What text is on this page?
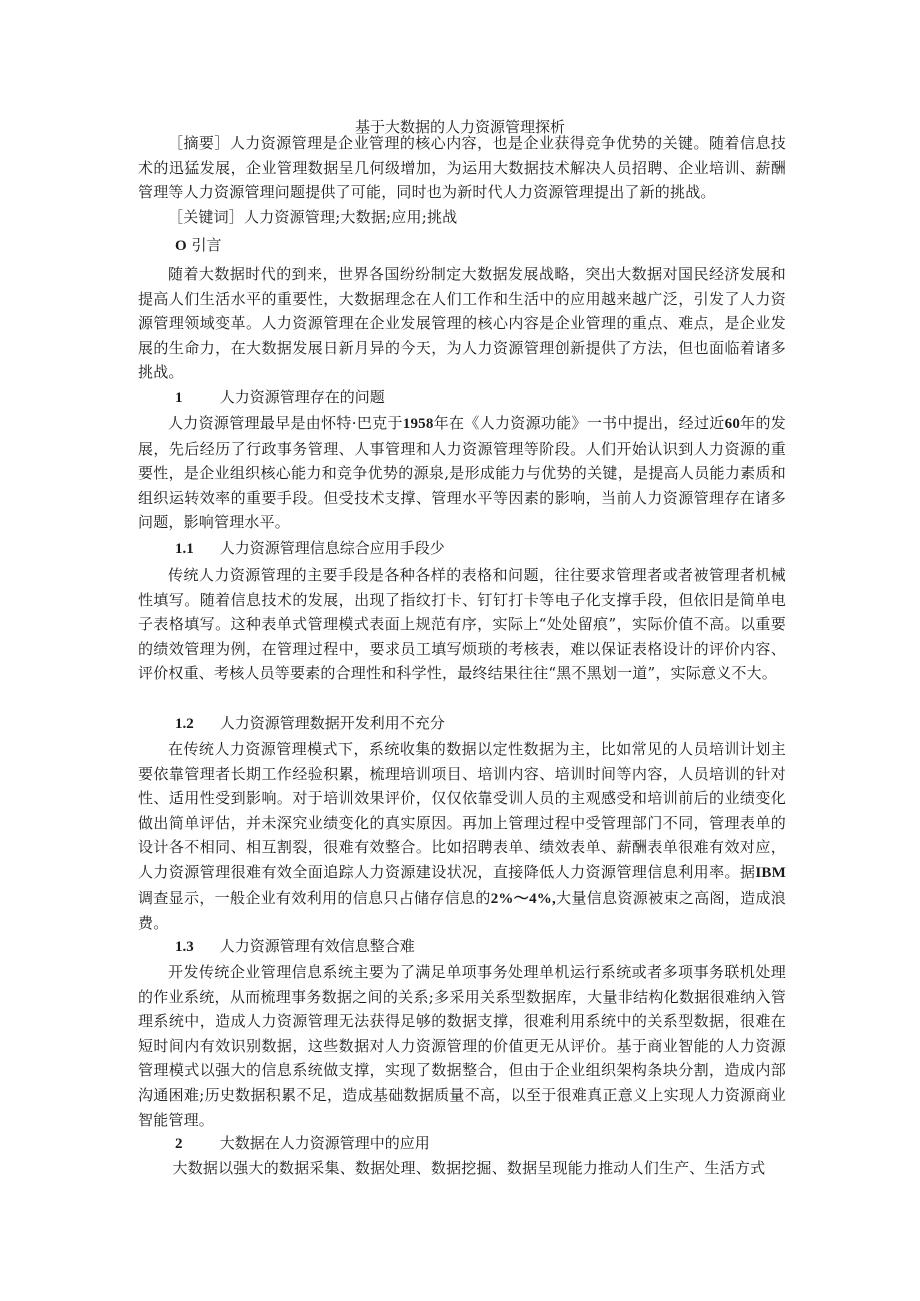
基于大数据的人力资源管理探析

［摘要］人力资源管理是企业管理的核心内容，也是企业获得竞争优势的关键。随着信息技术的迅猛发展，企业管理数据呈几何级增加，为运用大数据技术解决人员招聘、企业培训、薪酬管理等人力资源管理问题提供了可能，同时也为新时代人力资源管理提出了新的挑战。

［关键词］人力资源管理;大数据;应用;挑战

O 引言

随着大数据时代的到来，世界各国纷纷制定大数据发展战略，突出大数据对国民经济发展和提高人们生活水平的重要性，大数据理念在人们工作和生活中的应用越来越广泛，引发了人力资源管理领域变革。人力资源管理在企业发展管理的核心内容是企业管理的重点、难点，是企业发展的生命力，在大数据发展日新月异的今天，为人力资源管理创新提供了方法，但也面临着诸多挑战。

1 人力资源管理存在的问题

人力资源管理最早是由怀特·巴克于1958年在《人力资源功能》一书中提出，经过近60年的发展，先后经历了行政事务管理、人事管理和人力资源管理等阶段。人们开始认识到人力资源的重要性，是企业组织核心能力和竞争优势的源泉,是形成能力与优势的关键，是提高人员能力素质和组织运转效率的重要手段。但受技术支撑、管理水平等因素的影响，当前人力资源管理存在诸多问题，影响管理水平。

1.1 人力资源管理信息综合应用手段少

传统人力资源管理的主要手段是各种各样的表格和问题，往往要求管理者或者被管理者机械性填写。随着信息技术的发展，出现了指纹打卡、钉钉打卡等电子化支撑手段，但依旧是简单电子表格填写。这种表单式管理模式表面上规范有序，实际上“处处留痕”，实际价值不高。以重要的绩效管理为例，在管理过程中，要求员工填写烦琐的考核表，难以保证表格设计的评价内容、评价权重、考核人员等要素的合理性和科学性，最终结果往往“黑不黑划一道”，实际意义不大。

1.2 人力资源管理数据开发利用不充分

在传统人力资源管理模式下，系统收集的数据以定性数据为主，比如常见的人员培训计划主要依靠管理者长期工作经验积累，梳理培训项目、培训内容、培训时间等内容，人员培训的针对性、适用性受到影响。对于培训效果评价，仅仅依靠受训人员的主观感受和培训前后的业绩变化做出简单评估，并未深究业绩变化的真实原因。再加上管理过程中受管理部门不同，管理表单的设计各不相同、相互割裂，很难有效整合。比如招聘表单、绩效表单、薪酬表单很难有效对应，人力资源管理很难有效全面追踪人力资源建设状况，直接降低人力资源管理信息利用率。据IBM调查显示，一般企业有效利用的信息只占储存信息的2%～4%,大量信息资源被束之高阁，造成浪费。

1.3 人力资源管理有效信息整合难

开发传统企业管理信息系统主要为了满足单项事务处理单机运行系统或者多项事务联机处理的作业系统，从而梳理事务数据之间的关系;多采用关系型数据库，大量非结构化数据很难纳入管理系统中，造成人力资源管理无法获得足够的数据支撑，很难利用系统中的关系型数据，很难在短时间内有效识别数据，这些数据对人力资源管理的价值更无从评价。基于商业智能的人力资源管理模式以强大的信息系统做支撑，实现了数据整合，但由于企业组织架构条块分割，造成内部沟通困难;历史数据积累不足，造成基础数据质量不高，以至于很难真正意义上实现人力资源商业智能管理。

2 大数据在人力资源管理中的应用

大数据以强大的数据采集、数据处理、数据挖掘、数据呈现能力推动人们生产、生活方式
